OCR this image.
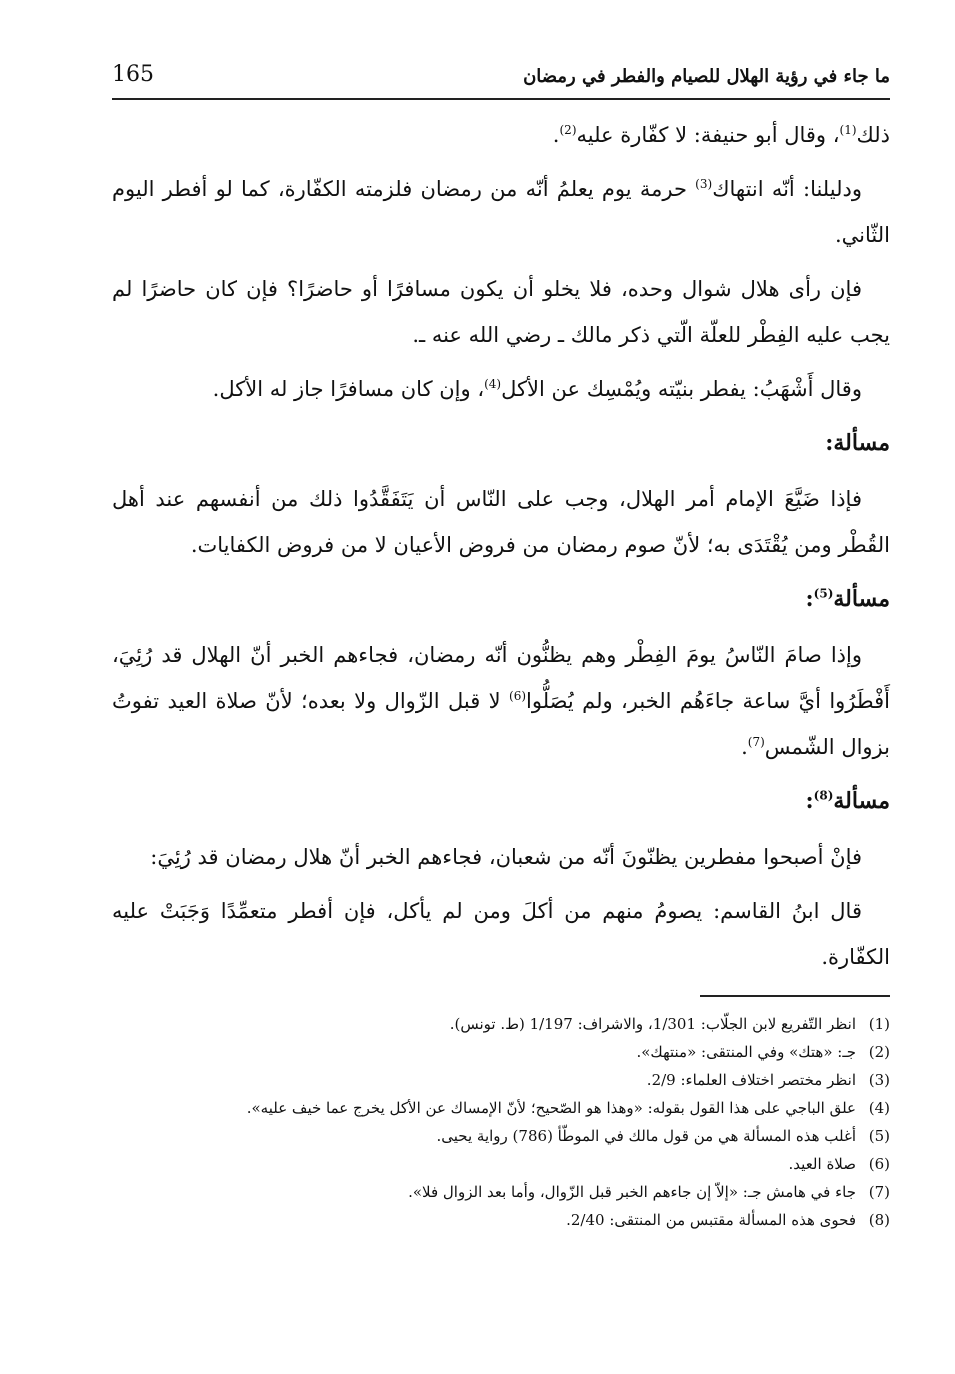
165	ما جاء في رؤية الهلال للصيام والفطر في رمضان

ذلك$^{(1)}$، وقال أبو حنيفة: لا كفّارة عليه$^{(2)}$.

ودليلنا: أنّه انتهاك$^{(3)}$ حرمة يوم يعلمُ أنّه من رمضان فلزمته الكفّارة، كما لو أفطر اليوم الثّاني.

فإن رأى هلال شوال وحده، فلا يخلو أن يكون مسافرًا أو حاضرًا؟ فإن كان حاضرًا لم يجب عليه الفِطْر للعلّة الّتي ذكر مالك ـ رضي الله عنه ـ.

وقال أَشْهَبُ: يفطر بنيّته ويُمْسِك عن الأكل$^{(4)}$، وإن كان مسافرًا جاز له الأكل.

مسألة:

فإذا ضَيَّعَ الإمام أمر الهلال، وجب على النّاس أن يَتَفَقَّدُوا ذلك من أنفسهم عند أهل القُطْر ومن يُقْتَدَى به؛ لأنّ صوم رمضان من فروض الأعيان لا من فروض الكفايات.

مسألة$^{(5)}$:

وإذا صامَ النّاسُ يومَ الفِطْر وهم يظنُّون أنّه رمضان، فجاءهم الخبر أنّ الهلال قد رُئِيَ، أَفْطَرُوا أيَّ ساعة جاءَهُم الخبر، ولم يُصَلُّوا$^{(6)}$ لا قبل الزّوال ولا بعده؛ لأنّ صلاة العيد تفوتُ بزوال الشّمس$^{(7)}$.

مسألة$^{(8)}$:

فإنْ أصبحوا مفطرين يظنّونَ أنّه من شعبان، فجاءهم الخبر أنّ هلال رمضان قد رُئِيَ:

قال ابنُ القاسم: يصومُ منهم من أكلَ ومن لم يأكل، فإن أفطر متعمِّدًا وَجَبَتْ عليه الكفّارة.

(1)
انظر التّفريع لابن الجلّاب: 1/301، والاشراف: 1/197 (ط. تونس).
(2)
جـ: «هتك» وفي المنتقى: «منتهك».
(3)
انظر مختصر اختلاف العلماء: 2/9.
(4)
علق الباجي على هذا القول بقوله: «وهذا هو الصّحيح؛ لأنّ الإمساك عن الأكل يخرج عما خيف عليه».
(5)
أغلب هذه المسألة هي من قول مالك في الموطّأ (786) رواية يحيى.
(6)
صلاة العيد.
(7)
جاء في هامش جـ: «إلاّ إن جاءهم الخبر قبل الزّوال، وأما بعد الزوال فلا».
(8)
فحوى هذه المسألة مقتبس من المنتقى: 2/40.
